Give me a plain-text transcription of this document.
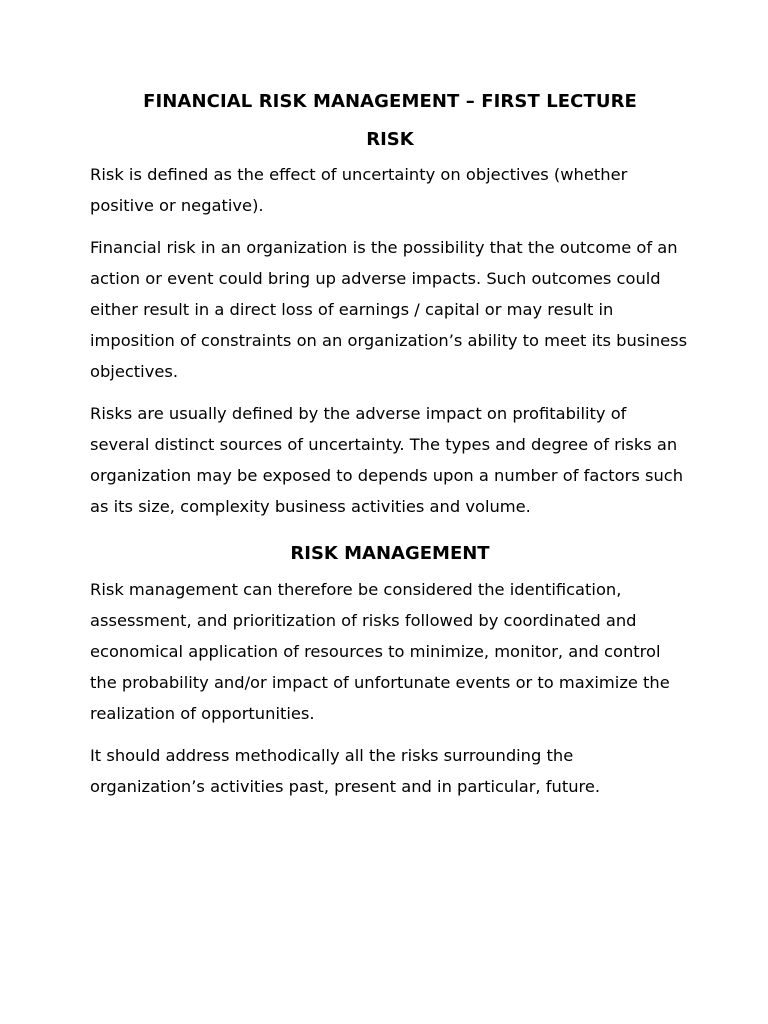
FINANCIAL RISK MANAGEMENT – FIRST LECTURE
RISK

Risk is defined as the effect of uncertainty on objectives (whether positive or negative).

Financial risk in an organization is the possibility that the outcome of an action or event could bring up adverse impacts. Such outcomes could either result in a direct loss of earnings / capital or may result in imposition of constraints on an organization’s ability to meet its business objectives.

Risks are usually defined by the adverse impact on profitability of several distinct sources of uncertainty. The types and degree of risks an organization may be exposed to depends upon a number of factors such as its size, complexity business activities and volume.

RISK MANAGEMENT

Risk management can therefore be considered the identification, assessment, and prioritization of risks followed by coordinated and economical application of resources to minimize, monitor, and control the probability and/or impact of unfortunate events or to maximize the realization of opportunities.

It should address methodically all the risks surrounding the organization’s activities past, present and in particular, future.
